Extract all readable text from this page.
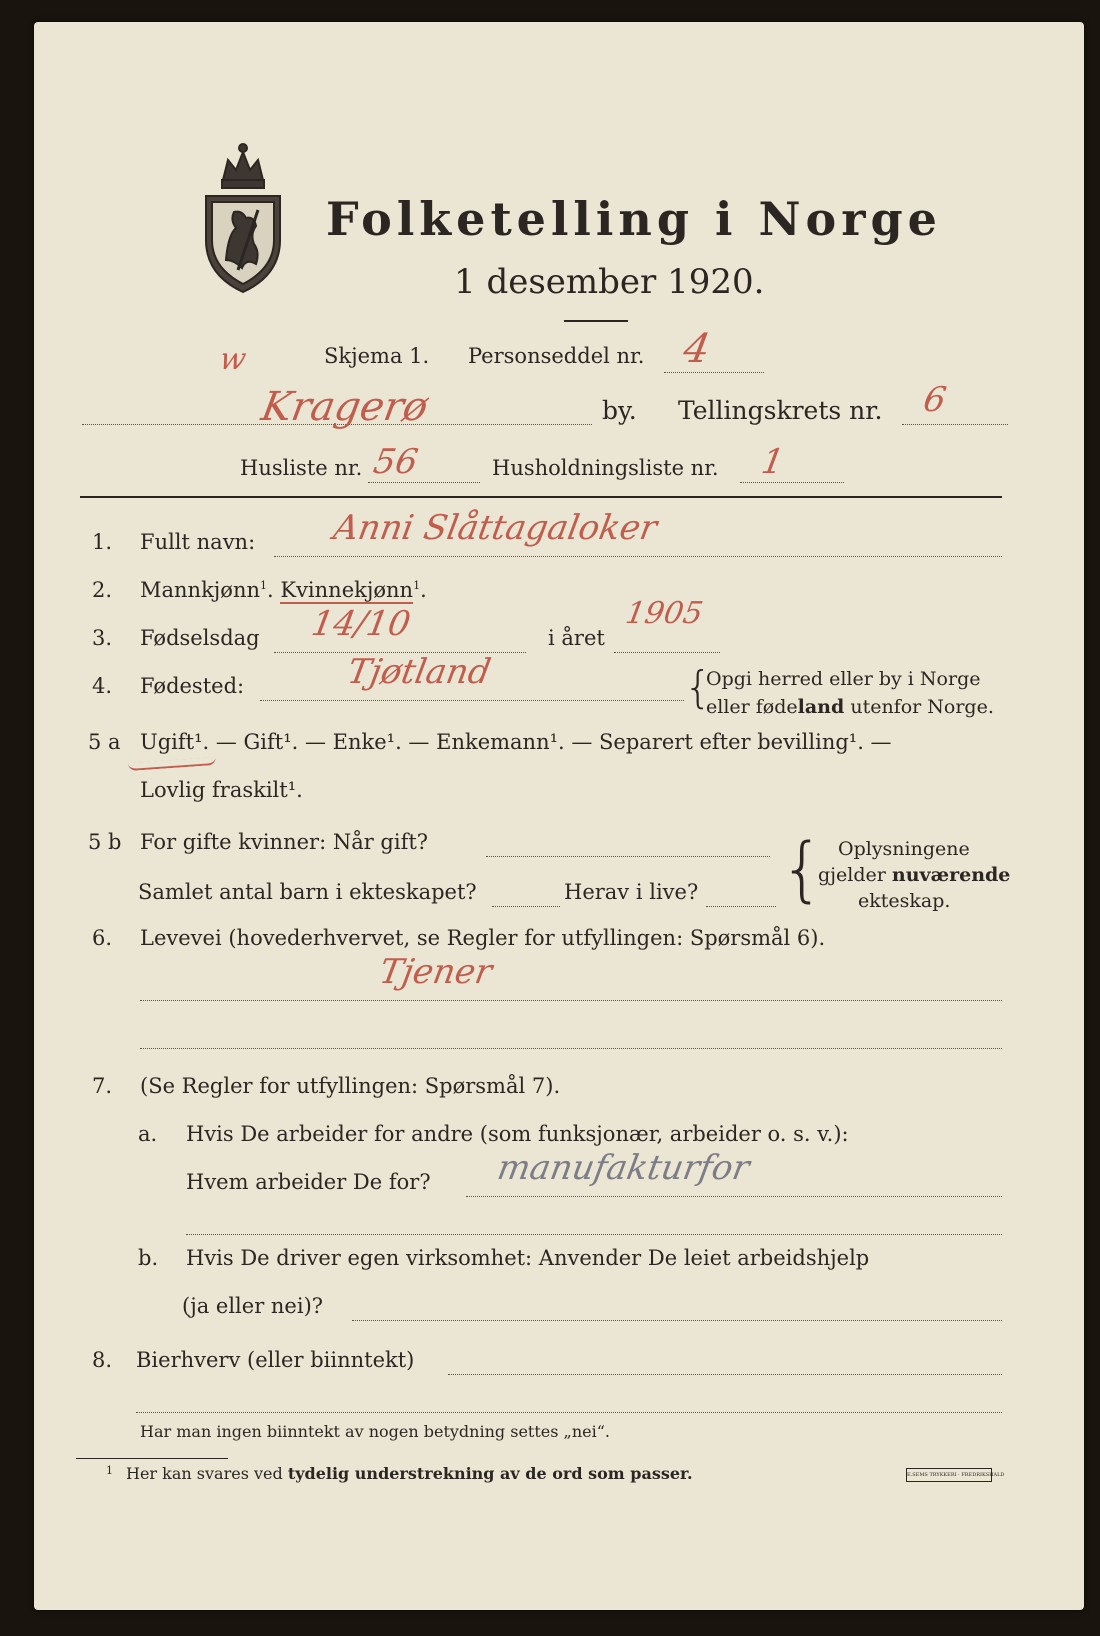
Folketelling i Norge
1 desember 1920.
w	Skjema 1. Personseddel nr. 4
Kragerø	by. Tellingskrets nr. 6
Husliste nr. 56	Husholdningsliste nr. 1
1. Fullt navn: Anni Slåttagaloker
2. Mannkjønn$^1$. Kvinnekjønn$^1$.
3. Fødselsdag 14/10	i året
1905
4. Fødested:	Tjøtland	{
Opgi herred eller by i Norge
eller fødeland utenfor Norge.
5 a Ugift¹. — Gift¹. — Enke¹. — Enkemann¹. — Separert efter bevilling¹. —
Lovlig fraskilt¹.
5 b For gifte kvinner: Når gift?
Samlet antal barn i ekteskapet?	Herav i live? { Oplysningene
gjelder nuværende
ekteskap.
6. Levevei (hovederhvervet, se Regler for utfyllingen: Spørsmål 6).
Tjener
7. (Se Regler for utfyllingen: Spørsmål 7).
a. Hvis De arbeider for andre (som funksjonær, arbeider o. s. v.):
Hvem arbeider De for? manufakturfor
b. Hvis De driver egen virksomhet: Anvender De leiet arbeidshjelp
(ja eller nei)?
8. Bierhverv (eller biinntekt)
Har man ingen biinntekt av nogen betydning settes „nei“.
1 Her kan svares ved tydelig understrekning av de ord som passer.	E.SEMS TRYKKERI · FREDRIKSHALD
